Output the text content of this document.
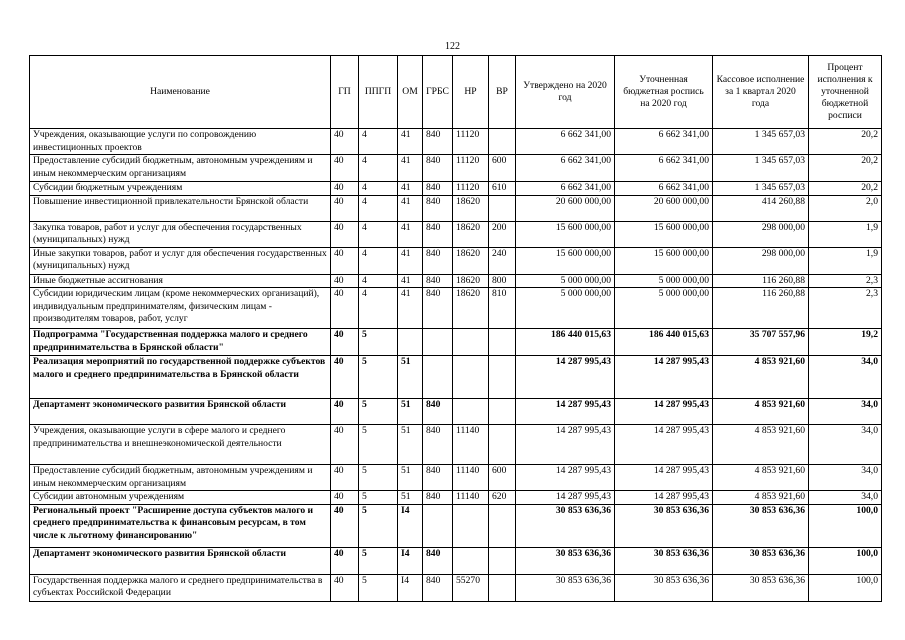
122
Наименование	ГП	ППГП	ОМ	ГРБС	НР	ВР	Утверждено на 2020 год	Уточненная бюджетная роспись на 2020 год	Кассовое исполнение за 1 квартал 2020 года	Процент исполнения к уточненной бюджетной росписи
Учреждения, оказывающие услуги по сопровождению инвестиционных проектов	40	4	41	840	11120		6 662 341,00	6 662 341,00	1 345 657,03	20,2
Предоставление субсидий бюджетным, автономным учреждениям и иным некоммерческим организациям	40	4	41	840	11120	600	6 662 341,00	6 662 341,00	1 345 657,03	20,2
Субсидии бюджетным учреждениям	40	4	41	840	11120	610	6 662 341,00	6 662 341,00	1 345 657,03	20,2
Повышение инвестиционной привлекательности Брянской области	40	4	41	840	18620		20 600 000,00	20 600 000,00	414 260,88	2,0
Закупка товаров, работ и услуг для обеспечения государственных (муниципальных) нужд	40	4	41	840	18620	200	15 600 000,00	15 600 000,00	298 000,00	1,9
Иные закупки товаров, работ и услуг для обеспечения государственных (муниципальных) нужд	40	4	41	840	18620	240	15 600 000,00	15 600 000,00	298 000,00	1,9
Иные бюджетные ассигнования	40	4	41	840	18620	800	5 000 000,00	5 000 000,00	116 260,88	2,3
Субсидии юридическим лицам (кроме некоммерческих организаций), индивидуальным предпринимателям, физическим лицам - производителям товаров, работ, услуг	40	4	41	840	18620	810	5 000 000,00	5 000 000,00	116 260,88	2,3
Подпрограмма "Государственная поддержка малого и среднего предпринимательства в Брянской области"	40	5					186 440 015,63	186 440 015,63	35 707 557,96	19,2
Реализация мероприятий по государственной поддержке субъектов малого и среднего предпринимательства в Брянской области	40	5	51				14 287 995,43	14 287 995,43	4 853 921,60	34,0
Департамент экономического развития Брянской области	40	5	51	840			14 287 995,43	14 287 995,43	4 853 921,60	34,0
Учреждения, оказывающие услуги в сфере малого и среднего предпринимательства и внешнеэкономической деятельности	40	5	51	840	11140		14 287 995,43	14 287 995,43	4 853 921,60	34,0
Предоставление субсидий бюджетным, автономным учреждениям и иным некоммерческим организациям	40	5	51	840	11140	600	14 287 995,43	14 287 995,43	4 853 921,60	34,0
Субсидии автономным учреждениям	40	5	51	840	11140	620	14 287 995,43	14 287 995,43	4 853 921,60	34,0
Региональный проект "Расширение доступа субъектов малого и среднего предпринимательства к финансовым ресурсам, в том числе к льготному финансированию"	40	5	I4				30 853 636,36	30 853 636,36	30 853 636,36	100,0
Департамент экономического развития Брянской области	40	5	I4	840			30 853 636,36	30 853 636,36	30 853 636,36	100,0
Государственная поддержка малого и среднего предпринимательства в субъектах Российской Федерации	40	5	I4	840	55270		30 853 636,36	30 853 636,36	30 853 636,36	100,0
